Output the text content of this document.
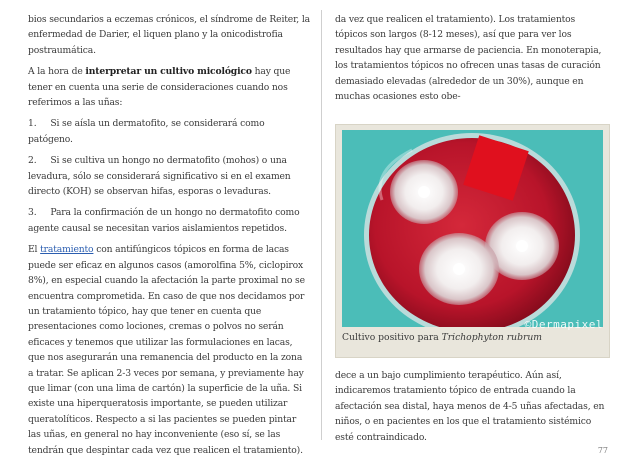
bios secundarios a eczemas crónicos, el síndrome de Reiter, la enfermedad de Darier, el liquen plano y la onicodistrofia postraumática.

A la hora de interpretar un cultivo micológico hay que tener en cuenta una serie de consideraciones cuando nos referimos a las uñas:

1. Si se aísla un dermatofito, se considerará como patógeno.

2. Si se cultiva un hongo no dermatofito (mohos) o una levadura, sólo se considerará significativo si en el examen directo (KOH) se observan hifas, esporas o levaduras.

3. Para la confirmación de un hongo no dermatofito como agente causal se necesitan varios aislamientos repetidos.

El tratamiento con antifúngicos tópicos en forma de lacas puede ser eficaz en algunos casos (amorolfina 5%, ciclopirox 8%), en especial cuando la afectación la parte proximal no se encuentra comprometida. En caso de que nos decidamos por un tratamiento tópico, hay que tener en cuenta que presentaciones como lociones, cremas o polvos no serán eficaces y tenemos que utilizar las formulaciones en lacas, que nos asegurarán una remanencia del producto en la zona a tratar. Se aplican 2-3 veces por semana, y previamente hay que limar (con una lima de cartón) la superficie de la uña. Si existe una hiperqueratosis importante, se pueden utilizar queratolíticos. Respecto a si las pacientes se pueden pintar las uñas, en general no hay inconveniente (eso sí, se las tendrán que despintar cada vez que realicen el tratamiento).

da vez que realicen el tratamiento). Los tratamientos tópicos son largos (8-12 meses), así que para ver los resultados hay que armarse de paciencia. En monoterapia, los tratamientos tópicos no ofrecen unas tasas de curación demasiado elevadas (alrededor de un 30%), aunque en muchas ocasiones esto obe-

dece a un bajo cumplimiento terapéutico. Aún así, indicaremos tratamiento tópico de entrada cuando la afectación sea distal, haya menos de 4-5 uñas afectadas, en niños, o en pacientes en los que el tratamiento sistémico esté contraindicado.

©Dermapixel
Cultivo positivo para Trichophyton rubrum
77
